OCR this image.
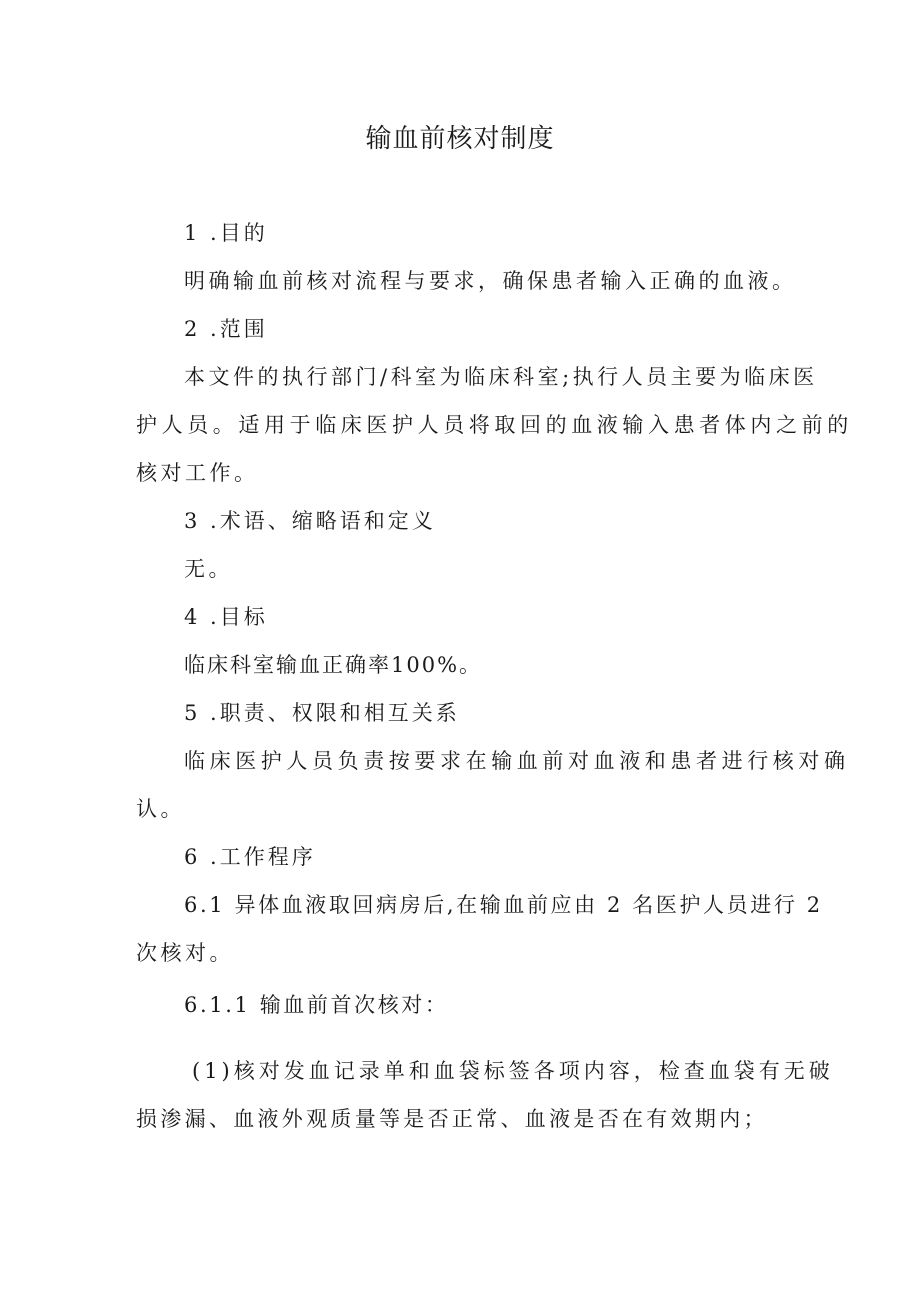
输血前核对制度
1 .目的
明确输血前核对流程与要求，确保患者输入正确的血液。
2 .范围
本文件的执行部门/科室为临床科室;执行人员主要为临床医
护人员。适用于临床医护人员将取回的血液输入患者体内之前的
核对工作。
3 .术语、缩略语和定义
无。
4 .目标
临床科室输血正确率100%。
5 .职责、权限和相互关系
临床医护人员负责按要求在输血前对血液和患者进行核对确
认。
6 .工作程序
6.1 异体血液取回病房后,在输血前应由 2 名医护人员进行 2
次核对。
6.1.1 输血前首次核对：
(1)核对发血记录单和血袋标签各项内容，检查血袋有无破
损渗漏、血液外观质量等是否正常、血液是否在有效期内；
